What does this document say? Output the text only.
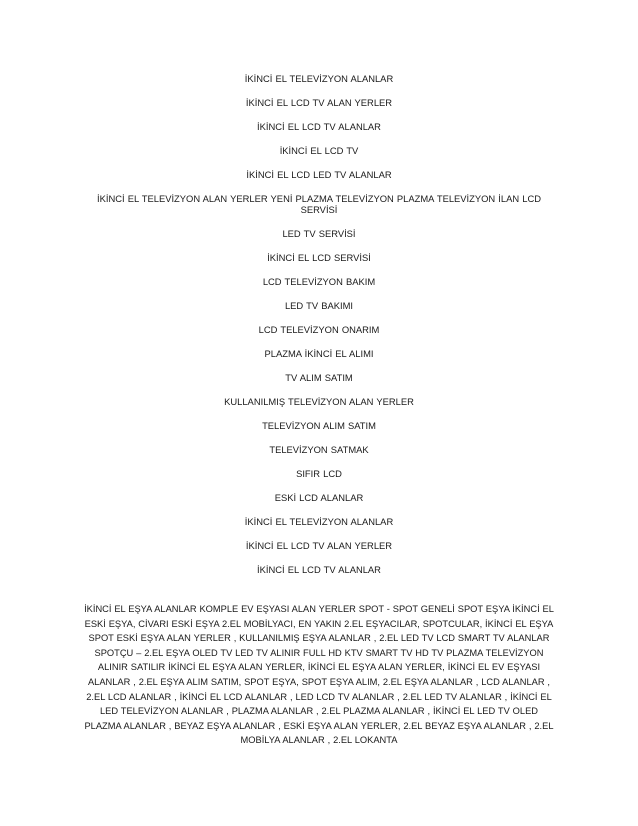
İKİNCİ EL TELEVİZYON ALANLAR
İKİNCİ EL LCD TV ALAN YERLER
İKİNCİ EL LCD TV ALANLAR
İKİNCİ EL LCD TV
İKİNCİ EL LCD LED TV ALANLAR
İKİNCİ EL TELEVİZYON ALAN YERLER YENİ PLAZMA TELEVİZYON PLAZMA TELEVİZYON İLAN LCD SERVİSİ
LED TV SERVİSİ
İKİNCİ EL LCD SERVİSİ
LCD TELEVİZYON BAKIM
LED TV BAKIMI
LCD TELEVİZYON ONARIM
PLAZMA İKİNCİ EL ALIMI
TV ALIM SATIM
KULLANILMIŞ TELEVİZYON ALAN YERLER
TELEVİZYON ALIM SATIM
TELEVİZYON SATMAK
SIFIR LCD
ESKİ LCD ALANLAR
İKİNCİ EL TELEVİZYON ALANLAR
İKİNCİ EL LCD TV ALAN YERLER
İKİNCİ EL LCD TV ALANLAR
İKİNCİ EL EŞYA ALANLAR KOMPLE EV EŞYASI ALAN YERLER SPOT - SPOT GENELİ SPOT EŞYA İKİNCİ EL ESKİ EŞYA, CİVARI ESKİ EŞYA 2.EL MOBİLYACI, EN YAKIN 2.EL EŞYACILAR, SPOTCULAR, İKİNCİ EL EŞYA SPOT ESKİ EŞYA ALAN YERLER , KULLANILMIŞ EŞYA ALANLAR , 2.EL LED TV LCD SMART TV ALANLAR SPOTÇU – 2.EL EŞYA OLED TV LED TV ALINIR FULL HD KTV SMART TV HD TV PLAZMA TELEVİZYON ALINIR SATILIR İKİNCİ EL EŞYA ALAN YERLER, İKİNCİ EL EŞYA ALAN YERLER, İKİNCİ EL EV EŞYASI ALANLAR , 2.EL EŞYA ALIM SATIM, SPOT EŞYA, SPOT EŞYA ALIM, 2.EL EŞYA ALANLAR , LCD ALANLAR , 2.EL LCD ALANLAR , İKİNCİ EL LCD ALANLAR , LED LCD TV ALANLAR , 2.EL LED TV ALANLAR , İKİNCİ EL LED TELEVİZYON ALANLAR , PLAZMA ALANLAR , 2.EL PLAZMA ALANLAR , İKİNCİ EL LED TV OLED PLAZMA ALANLAR , BEYAZ EŞYA ALANLAR , ESKİ EŞYA ALAN YERLER, 2.EL BEYAZ EŞYA ALANLAR , 2.EL MOBİLYA ALANLAR , 2.EL LOKANTA
